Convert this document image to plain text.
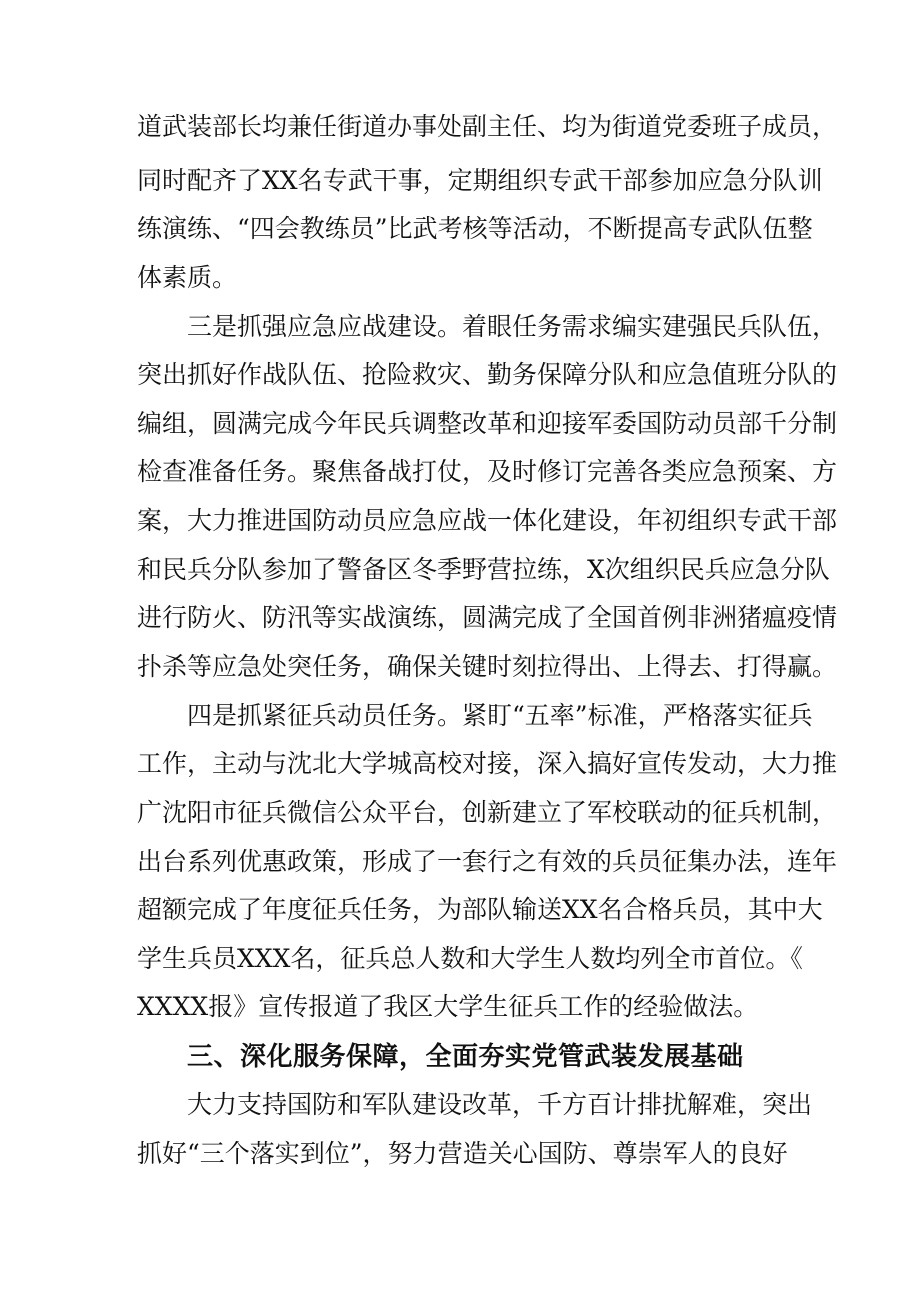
道武装部长均兼任街道办事处副主任、均为街道党委班子成员，
同时配齐了XX名专武干事，定期组织专武干部参加应急分队训
练演练、“四会教练员”比武考核等活动，不断提高专武队伍整
体素质。
三是抓强应急应战建设。着眼任务需求编实建强民兵队伍，
突出抓好作战队伍、抢险救灾、勤务保障分队和应急值班分队的
编组，圆满完成今年民兵调整改革和迎接军委国防动员部千分制
检查准备任务。聚焦备战打仗，及时修订完善各类应急预案、方
案，大力推进国防动员应急应战一体化建设，年初组织专武干部
和民兵分队参加了警备区冬季野营拉练，X次组织民兵应急分队
进行防火、防汛等实战演练，圆满完成了全国首例非洲猪瘟疫情
扑杀等应急处突任务，确保关键时刻拉得出、上得去、打得赢。
四是抓紧征兵动员任务。紧盯“五率”标准，严格落实征兵
工作，主动与沈北大学城高校对接，深入搞好宣传发动，大力推
广沈阳市征兵微信公众平台，创新建立了军校联动的征兵机制，
出台系列优惠政策，形成了一套行之有效的兵员征集办法，连年
超额完成了年度征兵任务，为部队输送XX名合格兵员，其中大
学生兵员XXX名，征兵总人数和大学生人数均列全市首位。《
XXXX报》宣传报道了我区大学生征兵工作的经验做法。
三、深化服务保障，全面夯实党管武装发展基础
大力支持国防和军队建设改革，千方百计排扰解难，突出
抓好“三个落实到位”，努力营造关心国防、尊崇军人的良好
